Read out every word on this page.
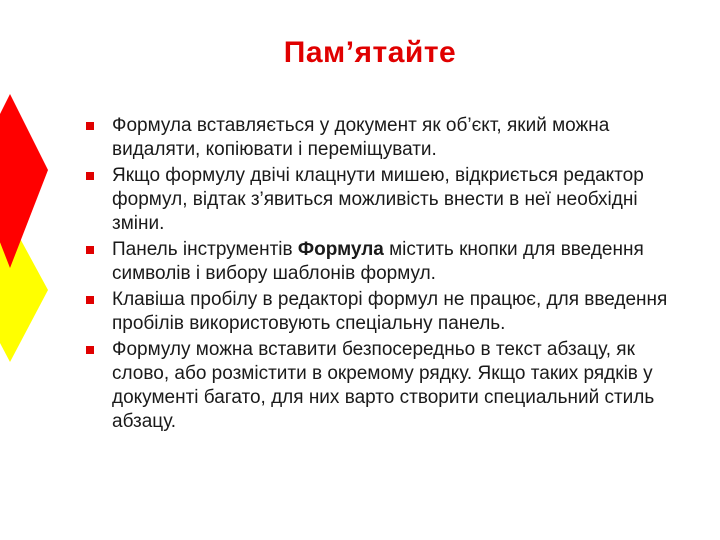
Пам’ятайте
Формула вставляється у документ як об’єкт, який можна видаляти, копіювати і переміщувати.
Якщо формулу двічі клацнути мишею, відкриється редактор формул, відтак з’явиться можливість внести в неї необхідні зміни.
Панель інструментів Формула містить кнопки для введення символів і вибору шаблонів формул.
Клавіша пробілу в редакторі формул не працює, для введення пробілів використовують спеціальну панель.
Формулу можна вставити безпосередньо в текст абзацу, як слово, або розмістити в окремому рядку. Якщо таких рядків у документі багато, для них варто створити специальний стиль абзацу.
